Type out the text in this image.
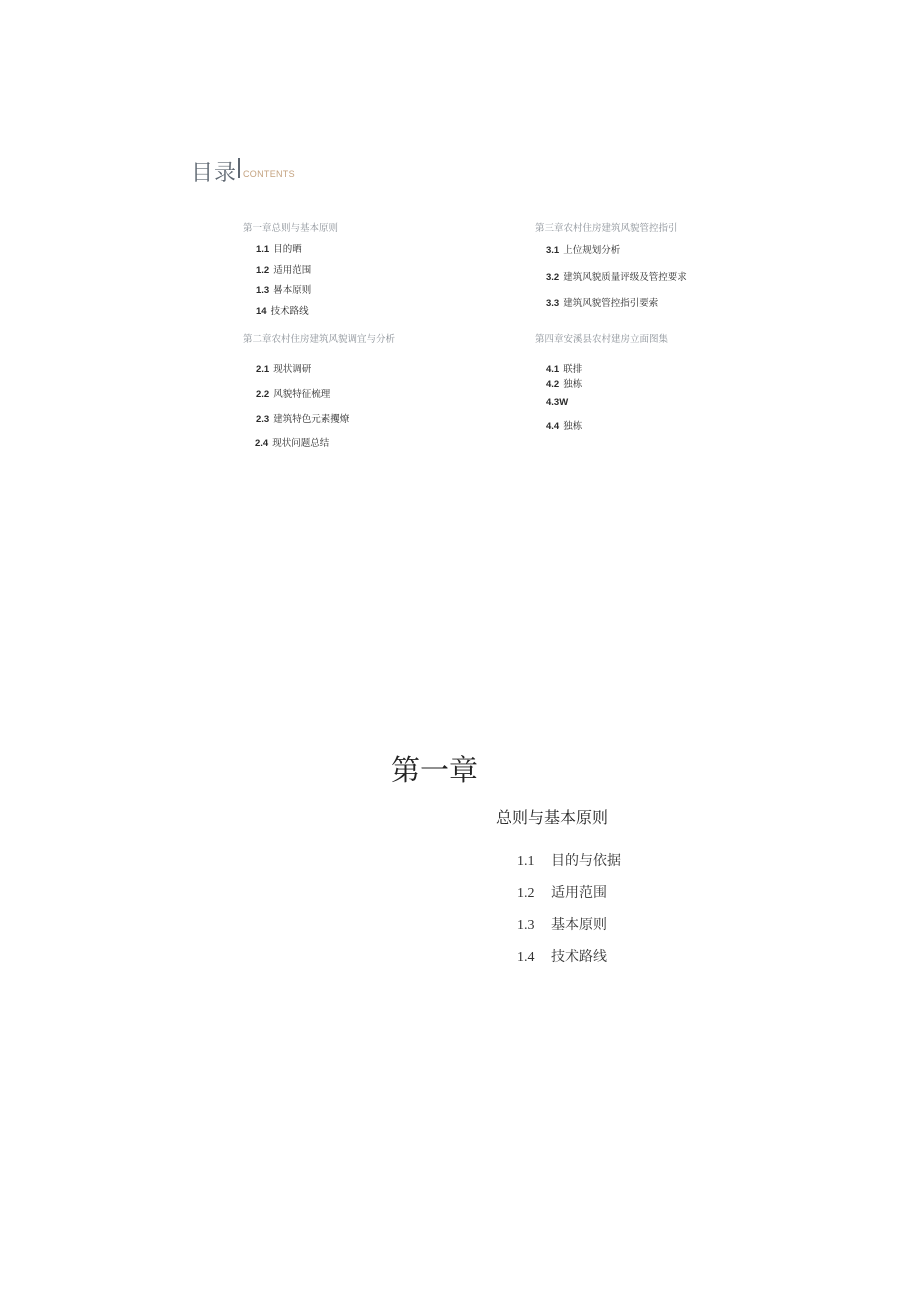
目录 CONTENTS
第一章总则与基本原则
1.1 目的晒
1.2 适用范围
1.3 晷本原则
14 技术路线
第二章农村住房建筑风貌调宜与分析
2.1 现状调研
2.2 风貌特征梳理
2.3 建筑特色元素攫燎
2.4 现状问题总结
第三章农村住房建筑风貌管控指引
3.1 上位规划分析
3.2 建筑风貌质量评级及管控要求
3.3 建筑风貌管控指引要索
第四章安溪县农村建房立面图集
4.1 联排
4.2 独栋
4.3W
4.4 独栋
第一章
总则与基本原则
1.1 目的与依据
1.2 适用范围
1.3 基本原则
1.4 技术路线
